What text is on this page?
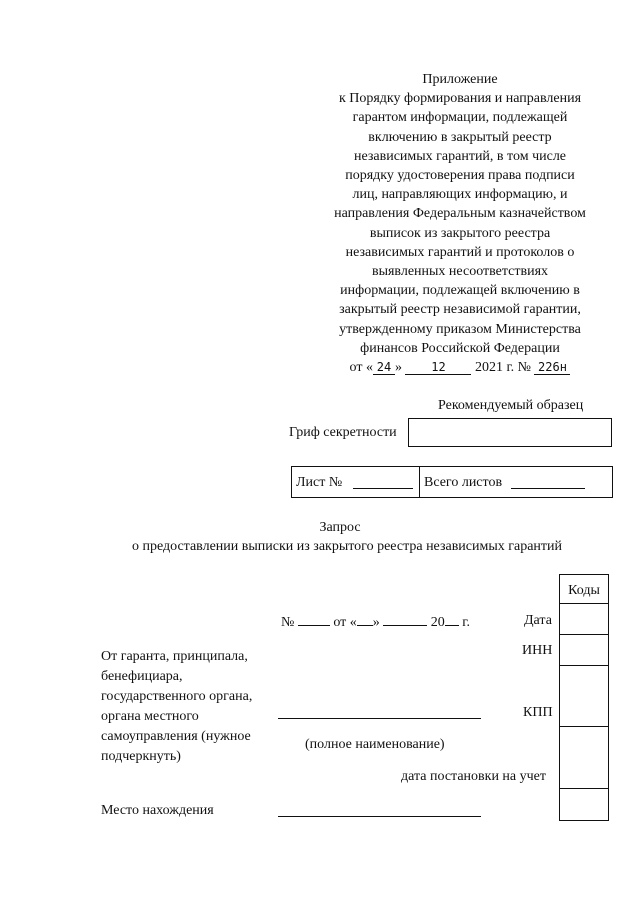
Приложение
к Порядку формирования и направления
гарантом информации, подлежащей
включению в закрытый реестр
независимых гарантий, в том числе
порядку удостоверения права подписи
лиц, направляющих информацию, и
направления Федеральным казначейством
выписок из закрытого реестра
независимых гарантий и протоколов о
выявленных несоответствиях
информации, подлежащей включению в
закрытый реестр независимой гарантии,
утвержденному приказом Министерства
финансов Российской Федерации
от « 24 » 12 2021 г. № 226н
Рекомендуемый образец
Гриф секретности
Лист №	Всего листов
Запрос
о предоставлении выписки из закрытого реестра независимых гарантий
Коды
№	от « »	20 г.	Дата
ИНН
КПП
От гаранта, принципала,
бенефициара,
государственного органа,
органа местного
самоуправления (нужное
подчеркнуть)
(полное наименование)
дата постановки на учет
Место нахождения
